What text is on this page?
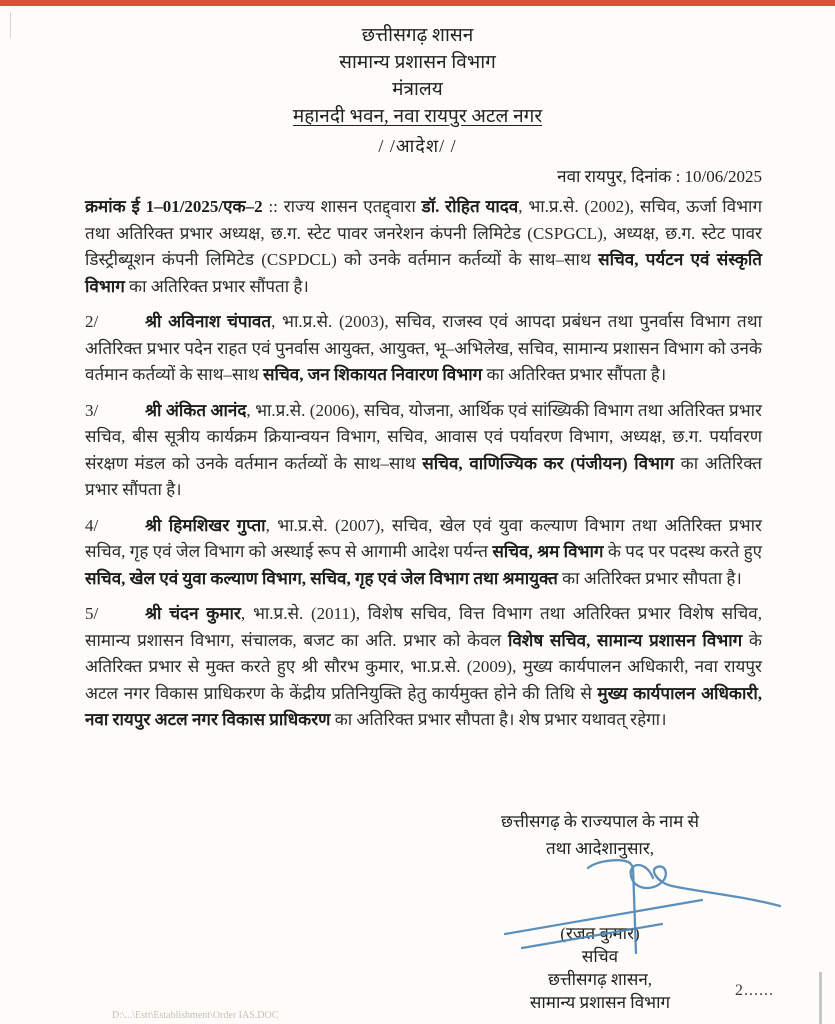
छत्तीसगढ़ शासन
सामान्य प्रशासन विभाग
मंत्रालय
महानदी भवन, नवा रायपुर अटल नगर
/ /आदेश/ /
नवा रायपुर, दिनांक : 10/06/2025

क्रमांक ई 1–01/2025/एक–2 :: राज्य शासन एतद्द्वारा डॉ. रोहित यादव, भा.प्र.से. (2002), सचिव, ऊर्जा विभाग तथा अतिरिक्त प्रभार अध्यक्ष, छ.ग. स्टेट पावर जनरेशन कंपनी लिमिटेड (CSPGCL), अध्यक्ष, छ.ग. स्टेट पावर डिस्ट्रीब्यूशन कंपनी लिमिटेड (CSPDCL) को उनके वर्तमान कर्तव्यों के साथ–साथ सचिव, पर्यटन एवं संस्कृति विभाग का अतिरिक्त प्रभार सौंपता है।

2/	श्री अविनाश चंपावत, भा.प्र.से. (2003), सचिव, राजस्व एवं आपदा प्रबंधन तथा पुनर्वास विभाग तथा अतिरिक्त प्रभार पदेन राहत एवं पुनर्वास आयुक्त, आयुक्त, भू–अभिलेख, सचिव, सामान्य प्रशासन विभाग को उनके वर्तमान कर्तव्यों के साथ–साथ सचिव, जन शिकायत निवारण विभाग का अतिरिक्त प्रभार सौंपता है।

3/	श्री अंकित आनंद, भा.प्र.से. (2006), सचिव, योजना, आर्थिक एवं सांख्यिकी विभाग तथा अतिरिक्त प्रभार सचिव, बीस सूत्रीय कार्यक्रम क्रियान्वयन विभाग, सचिव, आवास एवं पर्यावरण विभाग, अध्यक्ष, छ.ग. पर्यावरण संरक्षण मंडल को उनके वर्तमान कर्तव्यों के साथ–साथ सचिव, वाणिज्यिक कर (पंजीयन) विभाग का अतिरिक्त प्रभार सौंपता है।

4/	श्री हिमशिखर गुप्ता, भा.प्र.से. (2007), सचिव, खेल एवं युवा कल्याण विभाग तथा अतिरिक्त प्रभार सचिव, गृह एवं जेल विभाग को अस्थाई रूप से आगामी आदेश पर्यन्त सचिव, श्रम विभाग के पद पर पदस्थ करते हुए सचिव, खेल एवं युवा कल्याण विभाग, सचिव, गृह एवं जेल विभाग तथा श्रमायुक्त का अतिरिक्त प्रभार सौपता है।

5/	श्री चंदन कुमार, भा.प्र.से. (2011), विशेष सचिव, वित्त विभाग तथा अतिरिक्त प्रभार विशेष सचिव, सामान्य प्रशासन विभाग, संचालक, बजट का अति. प्रभार को केवल विशेष सचिव, सामान्य प्रशासन विभाग के अतिरिक्त प्रभार से मुक्त करते हुए श्री सौरभ कुमार, भा.प्र.से. (2009), मुख्य कार्यपालन अधिकारी, नवा रायपुर अटल नगर विकास प्राधिकरण के केंद्रीय प्रतिनियुक्ति हेतु कार्यमुक्त होने की तिथि से मुख्य कार्यपालन अधिकारी, नवा रायपुर अटल नगर विकास प्राधिकरण का अतिरिक्त प्रभार सौपता है। शेष प्रभार यथावत् रहेगा।

छत्तीसगढ़ के राज्यपाल के नाम से
तथा आदेशानुसार,
(रजत कुमार)
सचिव
छत्तीसगढ़ शासन,
सामान्य प्रशासन विभाग
2......
D:\...\Estt\Establishment\Order IAS.DOC
